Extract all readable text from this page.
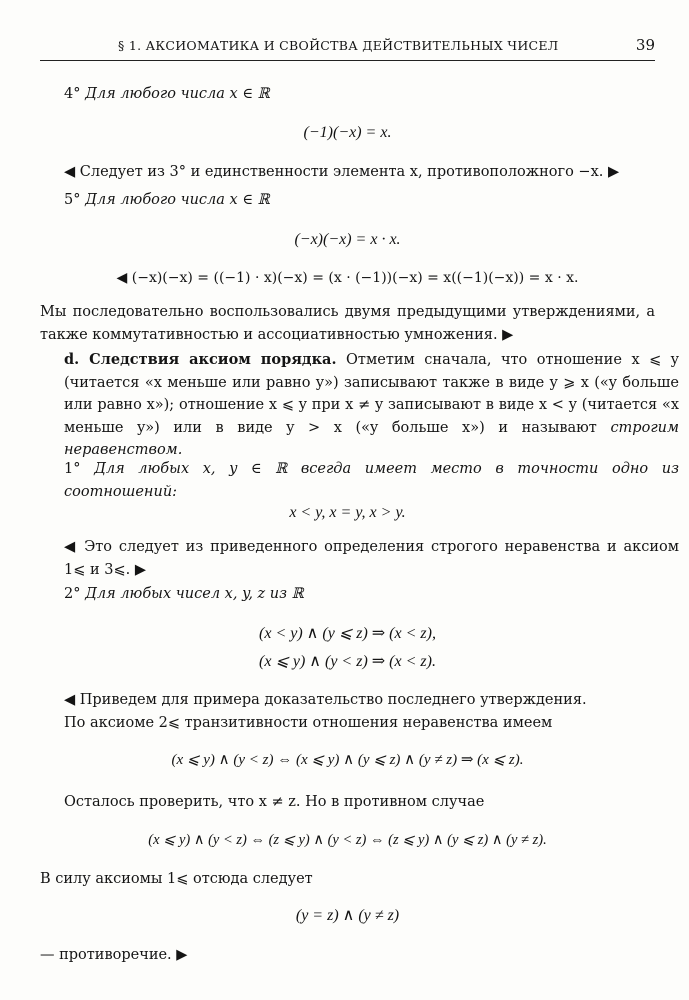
§ 1. АКСИОМАТИКА И СВОЙСТВА ДЕЙСТВИТЕЛЬНЫХ ЧИСЕЛ	39
4° Для любого числа x ∈ ℝ
(−1)(−x) = x.
◀ Следует из 3° и единственности элемента x, противоположного −x. ▶
5° Для любого числа x ∈ ℝ
(−x)(−x) = x · x.
◀ (−x)(−x) = ((−1) · x)(−x) = (x · (−1))(−x) = x((−1)(−x)) = x · x.
Мы последовательно воспользовались двумя предыдущими утверждениями, а также коммутативностью и ассоциативностью умножения. ▶
d. Следствия аксиом порядка. Отметим сначала, что отношение x ⩽ y (читается «x меньше или равно y») записывают также в виде y ⩾ x («y больше или равно x»); отношение x ⩽ y при x ≠ y записывают в виде x < y (читается «x меньше y») или в виде y > x («y больше x») и называют строгим неравенством.
1° Для любых x, y ∈ ℝ всегда имеет место в точности одно из соотношений:
x < y, x = y, x > y.
◀ Это следует из приведенного определения строгого неравенства и аксиом 1⩽ и 3⩽. ▶
2° Для любых чисел x, y, z из ℝ
(x < y) ∧ (y ⩽ z) ⇒ (x < z),
(x ⩽ y) ∧ (y < z) ⇒ (x < z).
◀ Приведем для примера доказательство последнего утверждения.
По аксиоме 2⩽ транзитивности отношения неравенства имеем
(x ⩽ y) ∧ (y < z) ⇔ (x ⩽ y) ∧ (y ⩽ z) ∧ (y ≠ z) ⇒ (x ⩽ z).
Осталось проверить, что x ≠ z. Но в противном случае
(x ⩽ y) ∧ (y < z) ⇔ (z ⩽ y) ∧ (y < z) ⇔ (z ⩽ y) ∧ (y ⩽ z) ∧ (y ≠ z).
В силу аксиомы 1⩽ отсюда следует
(y = z) ∧ (y ≠ z)
— противоречие. ▶
